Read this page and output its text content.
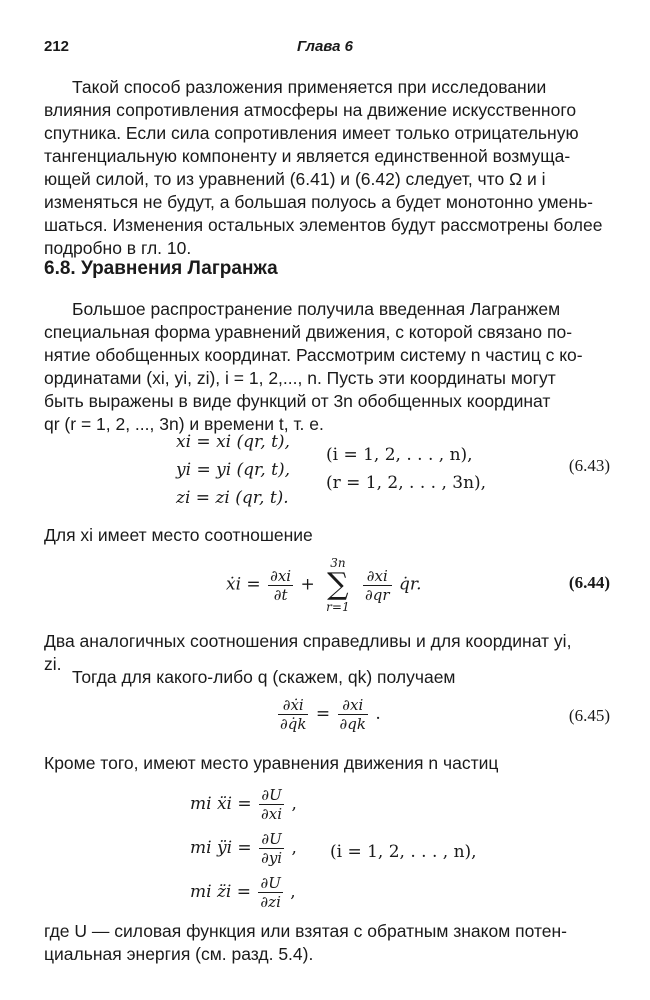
212	Глава 6
Такой способ разложения применяется при исследовании
влияния сопротивления атмосферы на движение искусственного
спутника. Если сила сопротивления имеет только отрицательную
тангенциальную компоненту и является единственной возмуща-
ющей силой, то из уравнений (6.41) и (6.42) следует, что Ω и i
изменяться не будут, а большая полуось a будет монотонно умень-
шаться. Изменения остальных элементов будут рассмотрены более
подробно в гл. 10.
6.8. Уравнения Лагранжа
Большое распространение получила введенная Лагранжем
специальная форма уравнений движения, с которой связано по-
нятие обобщенных координат. Рассмотрим систему n частиц с ко-
ординатами (xi, yi, zi), i = 1, 2,..., n. Пусть эти координаты могут
быть выражены в виде функций от 3n обобщенных координат
qr (r = 1, 2, ..., 3n) и времени t, т. е.
xi = xi (qr, t),
yi = yi (qr, t),
zi = zi (qr, t).
(i = 1, 2, . . . , n),
(r = 1, 2, . . . , 3n),
(6.43)
Для xi имеет место соотношение
ẋi = $\frac{\partial xi}{\partial t}$ +
3n
∑
r=1

$\frac{\partial xi}{\partial qr}$ q̇r.	(6.44)
Два аналогичных соотношения справедливы и для координат yi,
zi.
Тогда для какого-либо q (скажем, qk) получаем
$\frac{\text{∂ẋi}}{\partial q̇k} = \frac{\partial xi}{\partial qk}$ .	(6.45)
Кроме того, имеют место уравнения движения n частиц
mi ẍi = $\frac{\partial U}{\partial xi}$ ,
mi ÿi = $\frac{\partial U}{\partial yi}$ , (i = 1, 2, . . . , n),
mi z̈i = $\frac{\partial U}{\partial zi}$ ,
где U — силовая функция или взятая с обратным знаком потен-
циальная энергия (см. разд. 5.4).
